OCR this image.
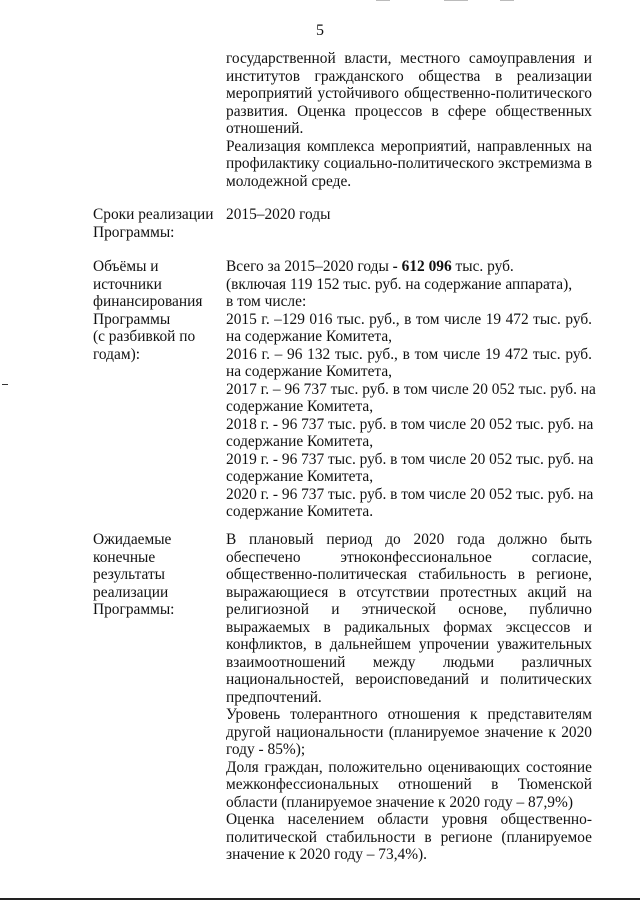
5
государственной власти, местного самоуправления и
институтов гражданского общества в реализации
мероприятий устойчивого общественно-политического
развития. Оценка процессов в сфере общественных
отношений.
Реализация комплекса мероприятий, направленных на
профилактику социально-политического экстремизма в
молодежной среде.
Сроки реализации
Программы:
2015–2020 годы
Объёмы и
источники
финансирования
Программы
(с разбивкой по
годам):
Всего за 2015–2020 годы - 612 096 тыс. руб.
(включая 119 152 тыс. руб. на содержание аппарата),
в том числе:
2015 г. –129 016 тыс. руб., в том числе 19 472 тыс. руб.
на содержание Комитета,
2016 г. – 96 132 тыс. руб., в том числе 19 472 тыс. руб.
на содержание Комитета,
2017 г. – 96 737 тыс. руб. в том числе 20 052 тыс. руб. на
содержание Комитета,
2018 г. - 96 737 тыс. руб. в том числе 20 052 тыс. руб. на
содержание Комитета,
2019 г. - 96 737 тыс. руб. в том числе 20 052 тыс. руб. на
содержание Комитета,
2020 г. - 96 737 тыс. руб. в том числе 20 052 тыс. руб. на
содержание Комитета.
Ожидаемые
конечные
результаты
реализации
Программы:
В плановый период до 2020 года должно быть
обеспечено этноконфессиональное согласие,
общественно-политическая стабильность в регионе,
выражающиеся в отсутствии протестных акций на
религиозной и этнической основе, публично
выражаемых в радикальных формах эксцессов и
конфликтов, в дальнейшем упрочении уважительных
взаимоотношений между людьми различных
национальностей, вероисповеданий и политических
предпочтений.
Уровень толерантного отношения к представителям
другой национальности (планируемое значение к 2020
году - 85%);
Доля граждан, положительно оценивающих состояние
межконфессиональных отношений в Тюменской
области (планируемое значение к 2020 году – 87,9%)
Оценка населением области уровня общественно-
политической стабильности в регионе (планируемое
значение к 2020 году – 73,4%).
